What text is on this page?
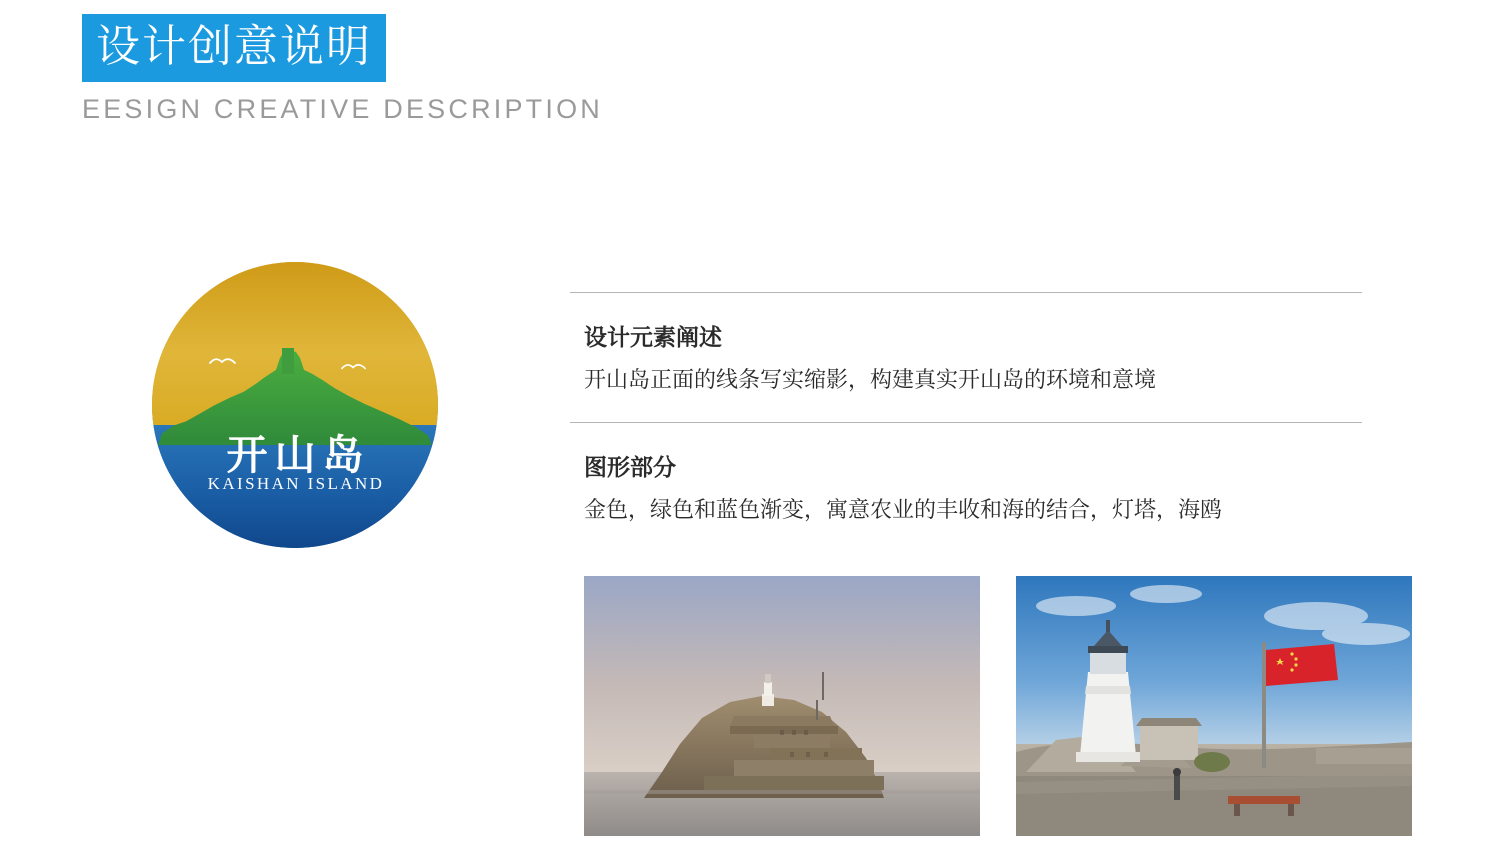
设计创意说明
EESIGN CREATIVE DESCRIPTION
开山岛
KAISHAN ISLAND
设计元素阐述
开山岛正面的线条写实缩影，构建真实开山岛的环境和意境
图形部分
金色，绿色和蓝色渐变，寓意农业的丰收和海的结合，灯塔，海鸥
